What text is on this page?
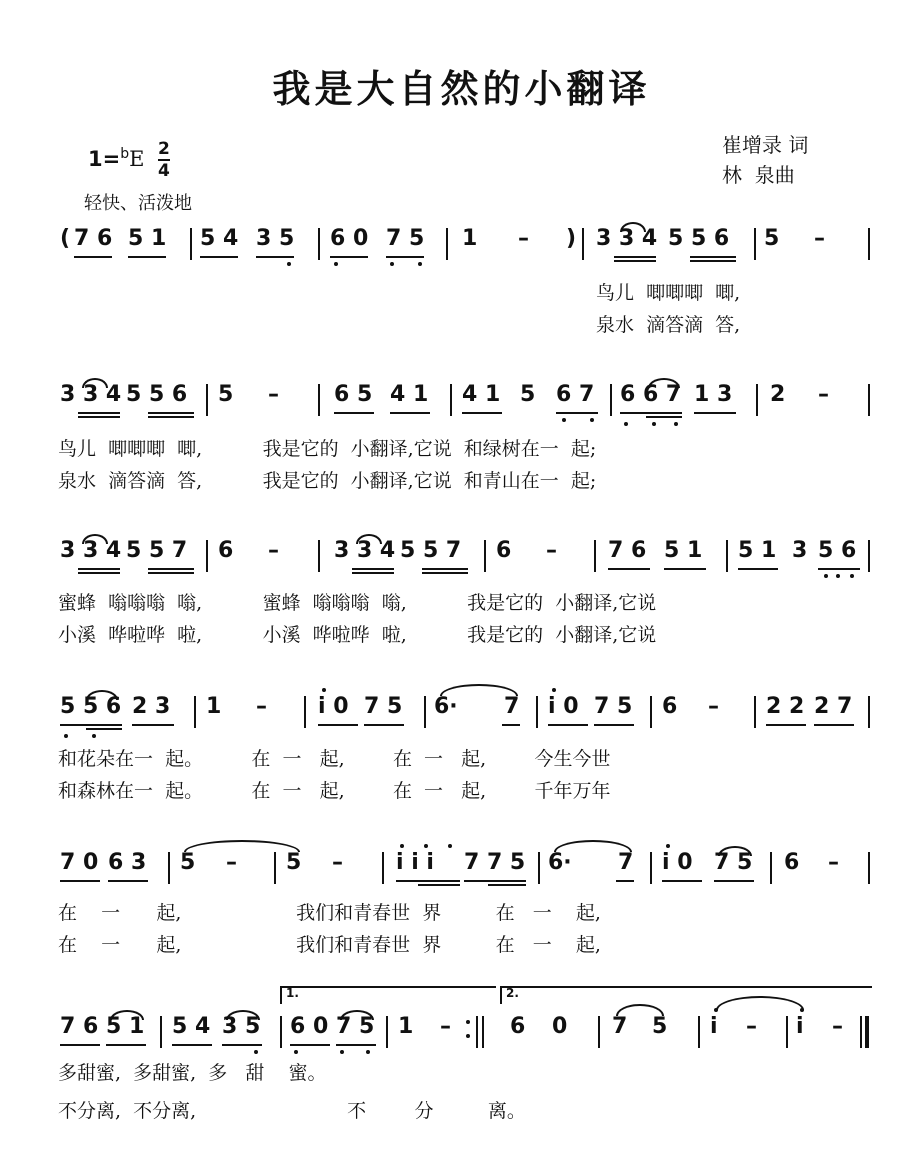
我是大自然的小翻译
1=$^b$E 2
4
轻快、活泼地
崔增录 词
林  泉曲
( 7 6 5 1 5 4 3 5 6 0 7 5 1 – ) 3 3 4 5 5 6 5 –
鸟儿  唧唧唧  唧,
泉水  滴答滴  答,
3 3 4 5 5 6 5 –	6 5 4 1 4 1 5 6 7 6 6 7 1 3 2 –
鸟儿  唧唧唧  唧,          我是它的  小翻译,它说  和绿树在一  起;
泉水  滴答滴  答,          我是它的  小翻译,它说  和青山在一  起;
3 3 4 5 5 7 6 –	3 3 4 5 5 7 6 – 7 6 5 1 5 1 3 5 6
蜜蜂  嗡嗡嗡  嗡,          蜜蜂  嗡嗡嗡  嗡,          我是它的  小翻译,它说
小溪  哗啦哗  啦,          小溪  哗啦哗  啦,          我是它的  小翻译,它说
5 5 6 2 3 1 – i 0 7 5 6· 7 i 0 7 5 6 – 2 2 2 7
和花朵在一  起。        在  一   起,        在  一   起,        今生今世
和森林在一  起。        在  一   起,        在  一   起,        千年万年
7 0 6 3 5 – 5 – i i i 7 7 5 6· 7 i 0 7 5 6 –
在    一      起,                   我们和青春世  界         在   一    起,
在    一      起,                   我们和青春世  界         在   一    起,
1.	2.
7 6 5 1 5 4 3 5 6 0 7 5 1 –	6 0 7 5 i – i –
多甜蜜,  多甜蜜,  多   甜    蜜。
不分离,  不分离,                         不        分         离。
